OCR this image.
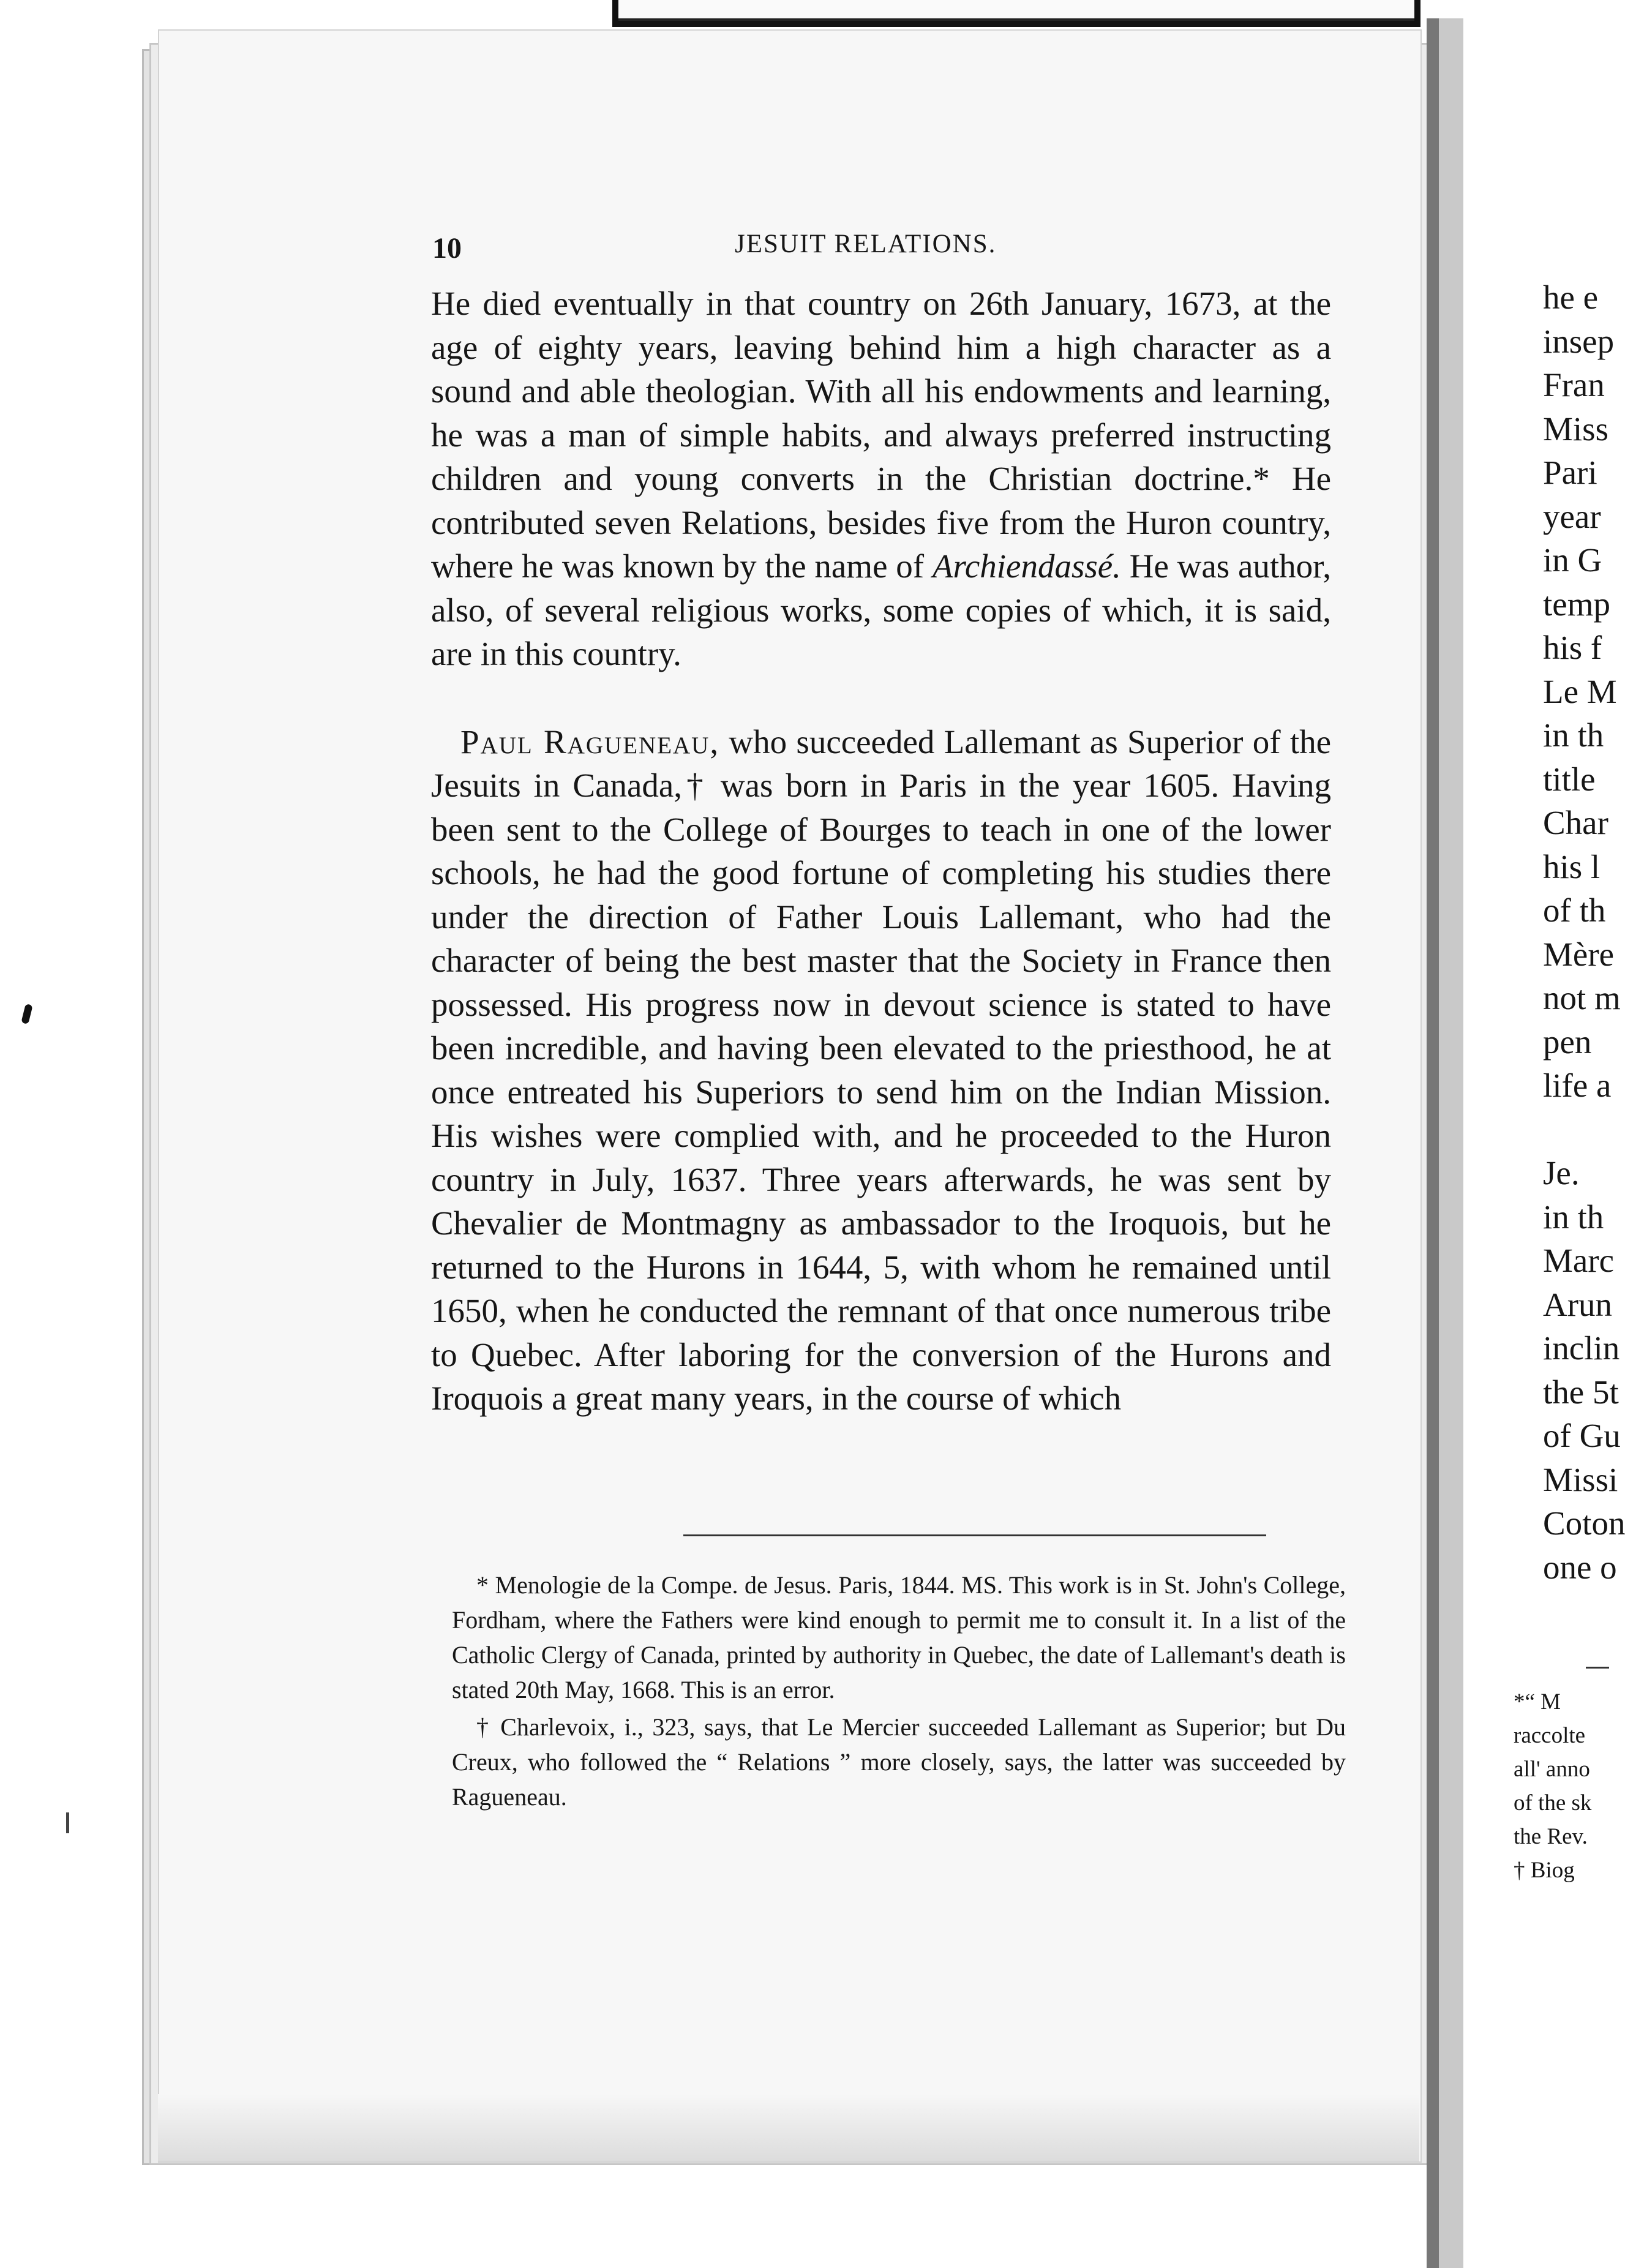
10	JESUIT RELATIONS.

He died eventually in that country on 26th January, 1673, at the age of eighty years, leaving behind him a high character as a sound and able theologian. With all his endowments and learning, he was a man of simple habits, and always preferred instructing children and young converts in the Christian doctrine.* He contributed seven Relations, besides five from the Huron country, where he was known by the name of Archiendassé. He was author, also, of several religious works, some copies of which, it is said, are in this country.

Paul Ragueneau, who succeeded Lallemant as Superior of the Jesuits in Canada,† was born in Paris in the year 1605. Having been sent to the College of Bourges to teach in one of the lower schools, he had the good fortune of completing his studies there under the direction of Father Louis Lallemant, who had the character of being the best master that the Society in France then possessed. His progress now in devout science is stated to have been incredible, and having been elevated to the priesthood, he at once entreated his Superiors to send him on the Indian Mission. His wishes were complied with, and he proceeded to the Huron country in July, 1637. Three years afterwards, he was sent by Chevalier de Montmagny as ambassador to the Iroquois, but he returned to the Hurons in 1644, 5, with whom he remained until 1650, when he conducted the remnant of that once numerous tribe to Quebec. After laboring for the conversion of the Hurons and Iroquois a great many years, in the course of which

* Menologie de la Compe. de Jesus. Paris, 1844. MS. This work is in St. John's College, Fordham, where the Fathers were kind enough to permit me to consult it. In a list of the Catholic Clergy of Canada, printed by authority in Quebec, the date of Lallemant's death is stated 20th May, 1668. This is an error.

† Charlevoix, i., 323, says, that Le Mercier succeeded Lallemant as Superior; but Du Creux, who followed the “ Relations ” more closely, says, the latter was succeeded by Ragueneau.

he e
insep
Fran
Miss
Pari
year
in G
temp
his f
Le M
in th
title
Char
his l
of th
Mère
not m
pen
life a
Je.
in th
Marc
Arun
inclin
the 5t
of Gu
Missi
Coton
one o
*“ M
raccolte
all' anno
of the sk
the Rev.
† Biog
